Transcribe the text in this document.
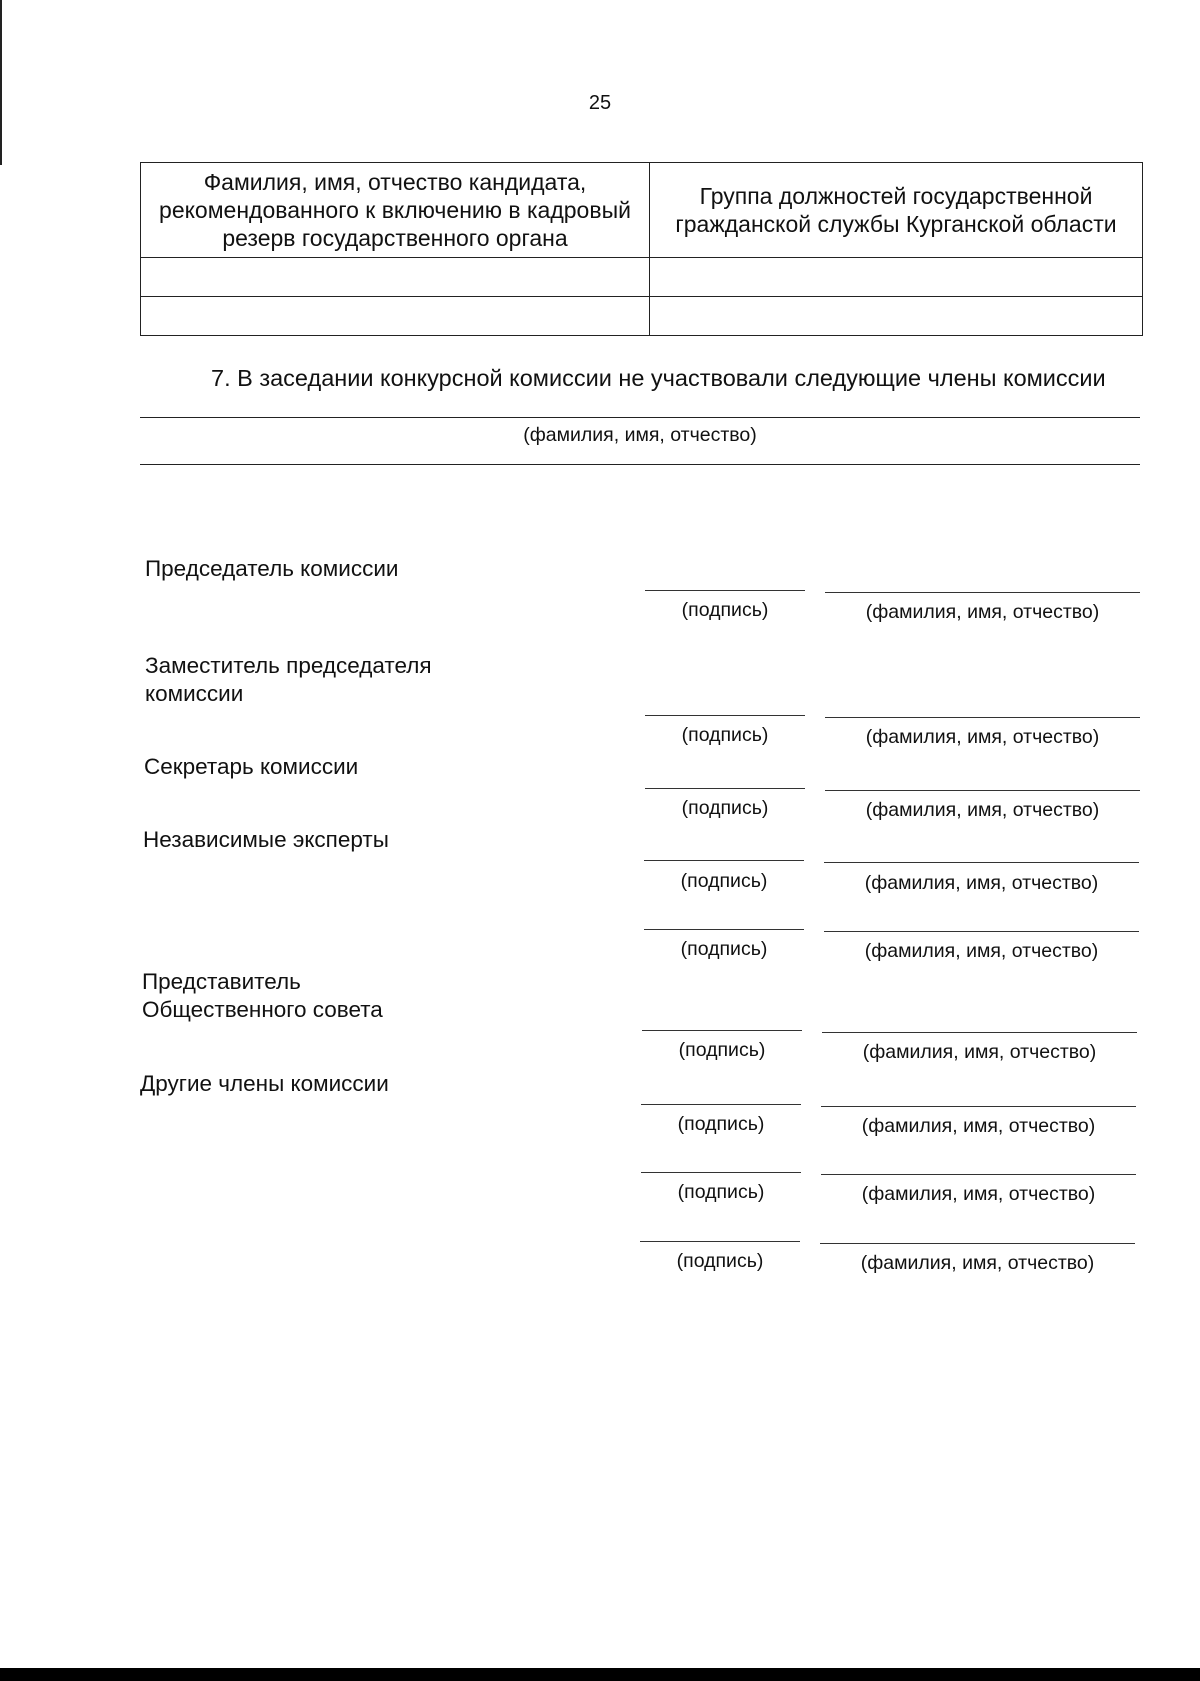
25
Фамилия, имя, отчество кандидата, рекомендованного к включению в кадровый резерв государственного органа	Группа должностей государственной гражданской службы Курганской области

7. В заседании конкурсной комиссии не участвовали следующие члены комиссии
(фамилия, имя, отчество)
Председатель комиссии
(подпись)	(фамилия, имя, отчество)
Заместитель председателя комиссии
(подпись)	(фамилия, имя, отчество)
Секретарь комиссии
(подпись)	(фамилия, имя, отчество)
Независимые эксперты
(подпись)	(фамилия, имя, отчество)
(подпись)	(фамилия, имя, отчество)
Представитель Общественного совета
(подпись)	(фамилия, имя, отчество)
Другие члены комиссии
(подпись)	(фамилия, имя, отчество)
(подпись)	(фамилия, имя, отчество)
(подпись)	(фамилия, имя, отчество)
